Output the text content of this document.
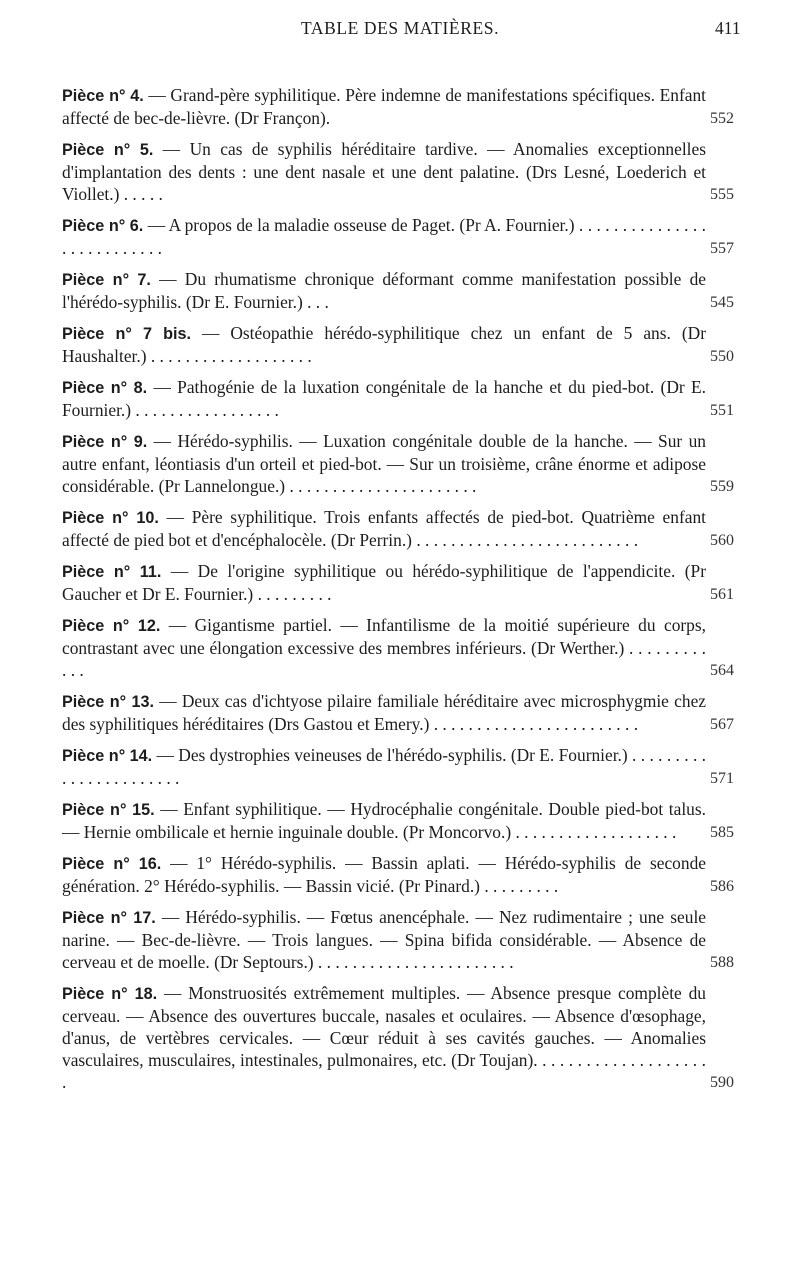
TABLE DES MATIÈRES.	411
Pièce n° 4. — Grand-père syphilitique. Père indemne de manifestations spécifiques. Enfant affecté de bec-de-lièvre. (Dr Françon).	552
Pièce n° 5. — Un cas de syphilis héréditaire tardive. — Anomalies exceptionnelles d'implantation des dents : une dent nasale et une dent palatine. (Drs Lesné, Loederich et Viollet.) . . . . .	555
Pièce n° 6. — A propos de la maladie osseuse de Paget. (Pr A. Fournier.) . . . . . . . . . . . . . . . . . . . . . . . . . . .	557
Pièce n° 7. — Du rhumatisme chronique déformant comme manifestation possible de l'hérédo-syphilis. (Dr E. Fournier.) . . .	545
Pièce n° 7 bis. — Ostéopathie hérédo-syphilitique chez un enfant de 5 ans. (Dr Haushalter.) . . . . . . . . . . . . . . . . . . .	550
Pièce n° 8. — Pathogénie de la luxation congénitale de la hanche et du pied-bot. (Dr E. Fournier.) . . . . . . . . . . . . . . . . .	551
Pièce n° 9. — Hérédo-syphilis. — Luxation congénitale double de la hanche. — Sur un autre enfant, léontiasis d'un orteil et pied-bot. — Sur un troisième, crâne énorme et adipose considérable. (Pr Lannelongue.) . . . . . . . . . . . . . . . . . . . . . .	559
Pièce n° 10. — Père syphilitique. Trois enfants affectés de pied-bot. Quatrième enfant affecté de pied bot et d'encéphalocèle. (Dr Perrin.) . . . . . . . . . . . . . . . . . . . . . . . . . .	560
Pièce n° 11. — De l'origine syphilitique ou hérédo-syphilitique de l'appendicite. (Pr Gaucher et Dr E. Fournier.) . . . . . . . . .	561
Pièce n° 12. — Gigantisme partiel. — Infantilisme de la moitié supérieure du corps, contrastant avec une élongation excessive des membres inférieurs. (Dr Werther.) . . . . . . . . . . . .	564
Pièce n° 13. — Deux cas d'ichtyose pilaire familiale héréditaire avec microsphygmie chez des syphilitiques héréditaires (Drs Gastou et Emery.) . . . . . . . . . . . . . . . . . . . . . . . .	567
Pièce n° 14. — Des dystrophies veineuses de l'hérédo-syphilis. (Dr E. Fournier.) . . . . . . . . . . . . . . . . . . . . . . .	571
Pièce n° 15. — Enfant syphilitique. — Hydrocéphalie congénitale. Double pied-bot talus. — Hernie ombilicale et hernie inguinale double. (Pr Moncorvo.) . . . . . . . . . . . . . . . . . . .	585
Pièce n° 16. — 1° Hérédo-syphilis. — Bassin aplati. — Hérédo-syphilis de seconde génération. 2° Hérédo-syphilis. — Bassin vicié. (Pr Pinard.) . . . . . . . . .	586
Pièce n° 17. — Hérédo-syphilis. — Fœtus anencéphale. — Nez rudimentaire ; une seule narine. — Bec-de-lièvre. — Trois langues. — Spina bifida considérable. — Absence de cerveau et de moelle. (Dr Septours.) . . . . . . . . . . . . . . . . . . . . . . .	588
Pièce n° 18. — Monstruosités extrêmement multiples. — Absence presque complète du cerveau. — Absence des ouvertures buccale, nasales et oculaires. — Absence d'œsophage, d'anus, de vertèbres cervicales. — Cœur réduit à ses cavités gauches. — Anomalies vasculaires, musculaires, intestinales, pulmonaires, etc. (Dr Toujan). . . . . . . . . . . . . . . . . . . . .	590
